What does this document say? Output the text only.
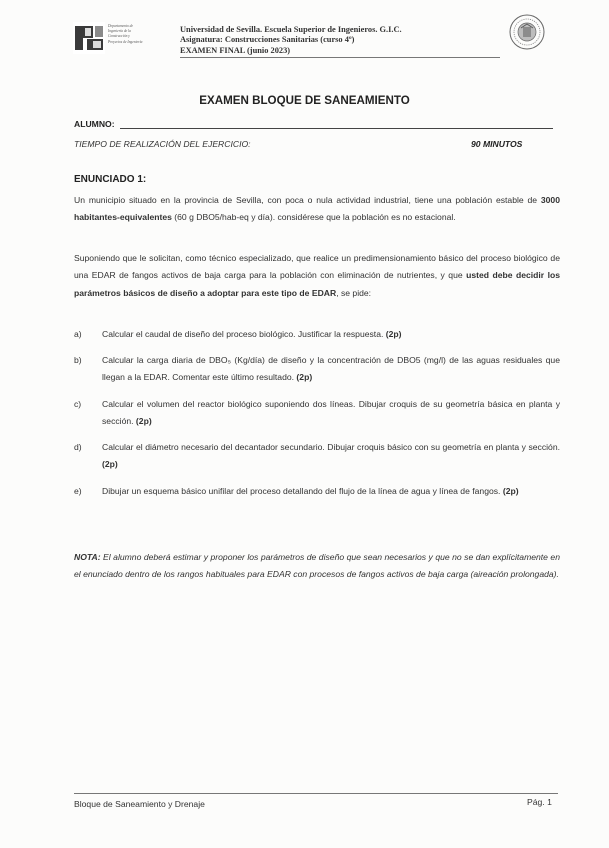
Departamento de
Ingeniería de la
Construcción y
Proyectos de Ingeniería
Universidad de Sevilla. Escuela Superior de Ingenieros. G.I.C.
Asignatura: Construcciones Sanitarias (curso 4º)
EXAMEN FINAL (junio 2023)
EXAMEN BLOQUE DE SANEAMIENTO
ALUMNO:
TIEMPO DE REALIZACIÓN DEL EJERCICIO:	90 MINUTOS
ENUNCIADO 1:

Un municipio situado en la provincia de Sevilla, con poca o nula actividad industrial, tiene una población estable de 3000 habitantes-equivalentes (60 g DBO5/hab-eq y día). considérese que la población es no estacional.

Suponiendo que le solicitan, como técnico especializado, que realice un predimensionamiento básico del proceso biológico de una EDAR de fangos activos de baja carga para la población con eliminación de nutrientes, y que usted debe decidir los parámetros básicos de diseño a adoptar para este tipo de EDAR, se pide:

a) Calcular el caudal de diseño del proceso biológico. Justificar la respuesta. (2p)
b) Calcular la carga diaria de DBO₅ (Kg/día) de diseño y la concentración de DBO5 (mg/l) de las aguas residuales que llegan a la EDAR. Comentar este último resultado. (2p)
c) Calcular el volumen del reactor biológico suponiendo dos líneas. Dibujar croquis de su geometría básica en planta y sección. (2p)
d) Calcular el diámetro necesario del decantador secundario. Dibujar croquis básico con su geometría en planta y sección. (2p)
e) Dibujar un esquema básico unifilar del proceso detallando del flujo de la línea de agua y línea de fangos. (2p)

NOTA: El alumno deberá estimar y proponer los parámetros de diseño que sean necesarios y que no se dan explícitamente en el enunciado dentro de los rangos habituales para EDAR con procesos de fangos activos de baja carga (aireación prolongada).

Bloque de Saneamiento y Drenaje	Pág. 1
